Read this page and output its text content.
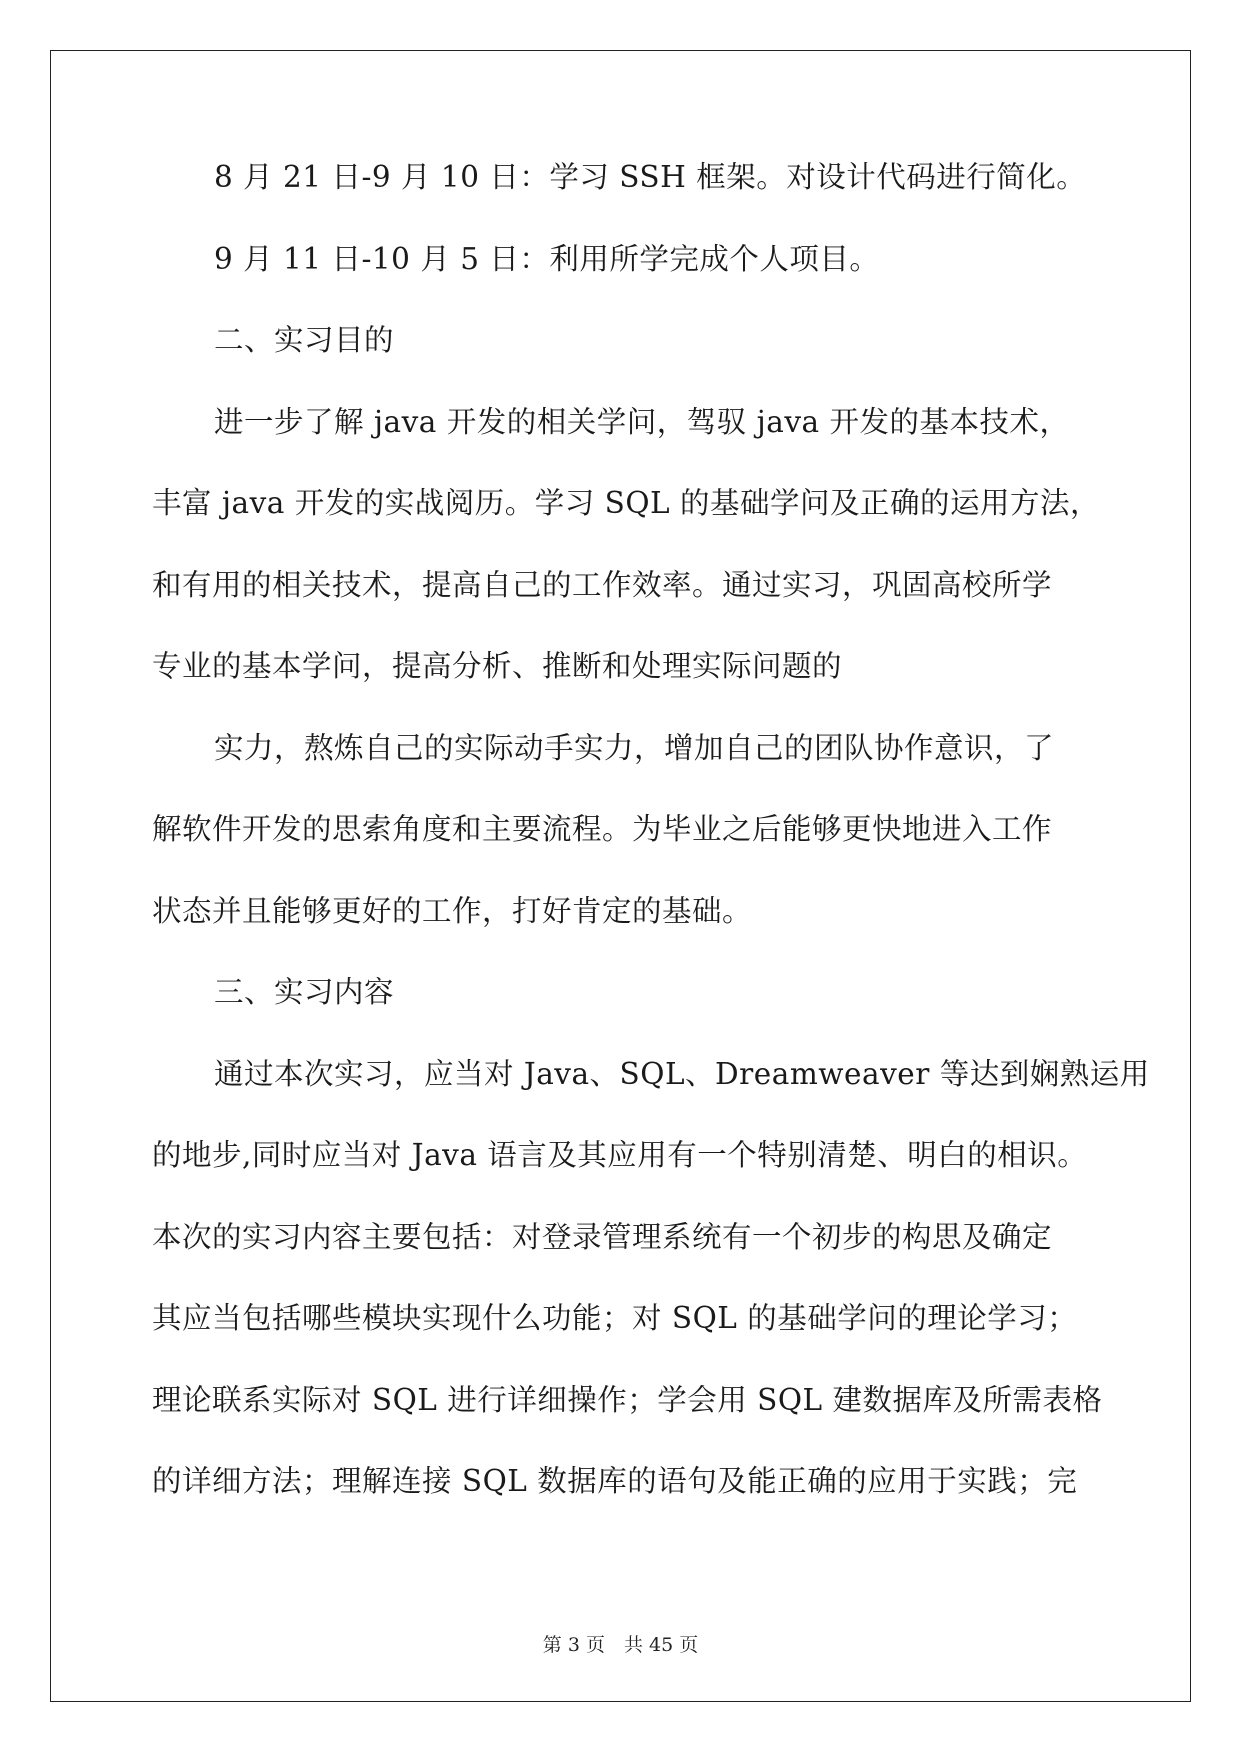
8 月 21 日-9 月 10 日：学习 SSH 框架。对设计代码进行简化。
9 月 11 日-10 月 5 日：利用所学完成个人项目。
二、实习目的
进一步了解 java 开发的相关学问，驾驭 java 开发的基本技术，
丰富 java 开发的实战阅历。学习 SQL 的基础学问及正确的运用方法，
和有用的相关技术，提高自己的工作效率。通过实习，巩固高校所学
专业的基本学问，提高分析、推断和处理实际问题的
实力，熬炼自己的实际动手实力，增加自己的团队协作意识，了
解软件开发的思索角度和主要流程。为毕业之后能够更快地进入工作
状态并且能够更好的工作，打好肯定的基础。
三、实习内容
通过本次实习，应当对 Java、SQL、Dreamweaver 等达到娴熟运用
的地步,同时应当对 Java 语言及其应用有一个特别清楚、明白的相识。
本次的实习内容主要包括：对登录管理系统有一个初步的构思及确定
其应当包括哪些模块实现什么功能；对 SQL 的基础学问的理论学习；
理论联系实际对 SQL 进行详细操作；学会用 SQL 建数据库及所需表格
的详细方法；理解连接 SQL 数据库的语句及能正确的应用于实践；完
第 3 页　共 45 页
